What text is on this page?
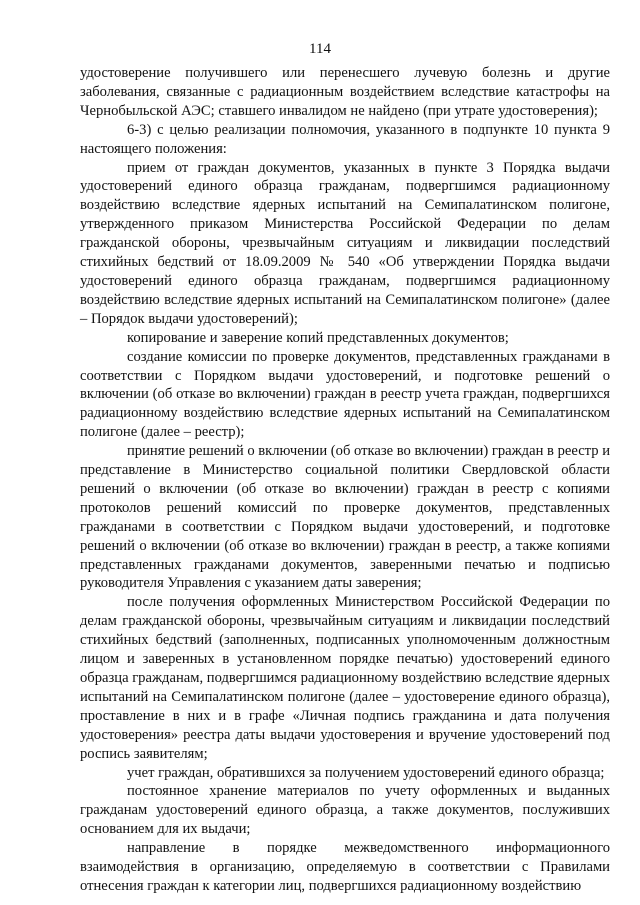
114

удостоверение получившего или перенесшего лучевую болезнь и другие заболевания, связанные с радиационным воздействием вследствие катастрофы на Чернобыльской АЭС; ставшего инвалидом не найдено (при утрате удостоверения);

6-3) с целью реализации полномочия, указанного в подпункте 10 пункта 9 настоящего положения:

прием от граждан документов, указанных в пункте 3 Порядка выдачи удостоверений единого образца гражданам, подвергшимся радиационному воздействию вследствие ядерных испытаний на Семипалатинском полигоне, утвержденного приказом Министерства Российской Федерации по делам гражданской обороны, чрезвычайным ситуациям и ликвидации последствий стихийных бедствий от 18.09.2009 № 540 «Об утверждении Порядка выдачи удостоверений единого образца гражданам, подвергшимся радиационному воздействию вследствие ядерных испытаний на Семипалатинском полигоне» (далее – Порядок выдачи удостоверений);

копирование и заверение копий представленных документов;

создание комиссии по проверке документов, представленных гражданами в соответствии с Порядком выдачи удостоверений, и подготовке решений о включении (об отказе во включении) граждан в реестр учета граждан, подвергшихся радиационному воздействию вследствие ядерных испытаний на Семипалатинском полигоне (далее – реестр);

принятие решений о включении (об отказе во включении) граждан в реестр и представление в Министерство социальной политики Свердловской области решений о включении (об отказе во включении) граждан в реестр с копиями протоколов решений комиссий по проверке документов, представленных гражданами в соответствии с Порядком выдачи удостоверений, и подготовке решений о включении (об отказе во включении) граждан в реестр, а также копиями представленных гражданами документов, заверенными печатью и подписью руководителя Управления с указанием даты заверения;

после получения оформленных Министерством Российской Федерации по делам гражданской обороны, чрезвычайным ситуациям и ликвидации последствий стихийных бедствий (заполненных, подписанных уполномоченным должностным лицом и заверенных в установленном порядке печатью) удостоверений единого образца гражданам, подвергшимся радиационному воздействию вследствие ядерных испытаний на Семипалатинском полигоне (далее – удостоверение единого образца), проставление в них и в графе «Личная подпись гражданина и дата получения удостоверения» реестра даты выдачи удостоверения и вручение удостоверений под роспись заявителям;

учет граждан, обратившихся за получением удостоверений единого образца;

постоянное хранение материалов по учету оформленных и выданных гражданам удостоверений единого образца, а также документов, послуживших основанием для их выдачи;

направление в порядке межведомственного информационного взаимодействия в организацию, определяемую в соответствии с Правилами отнесения граждан к категории лиц, подвергшихся радиационному воздействию
